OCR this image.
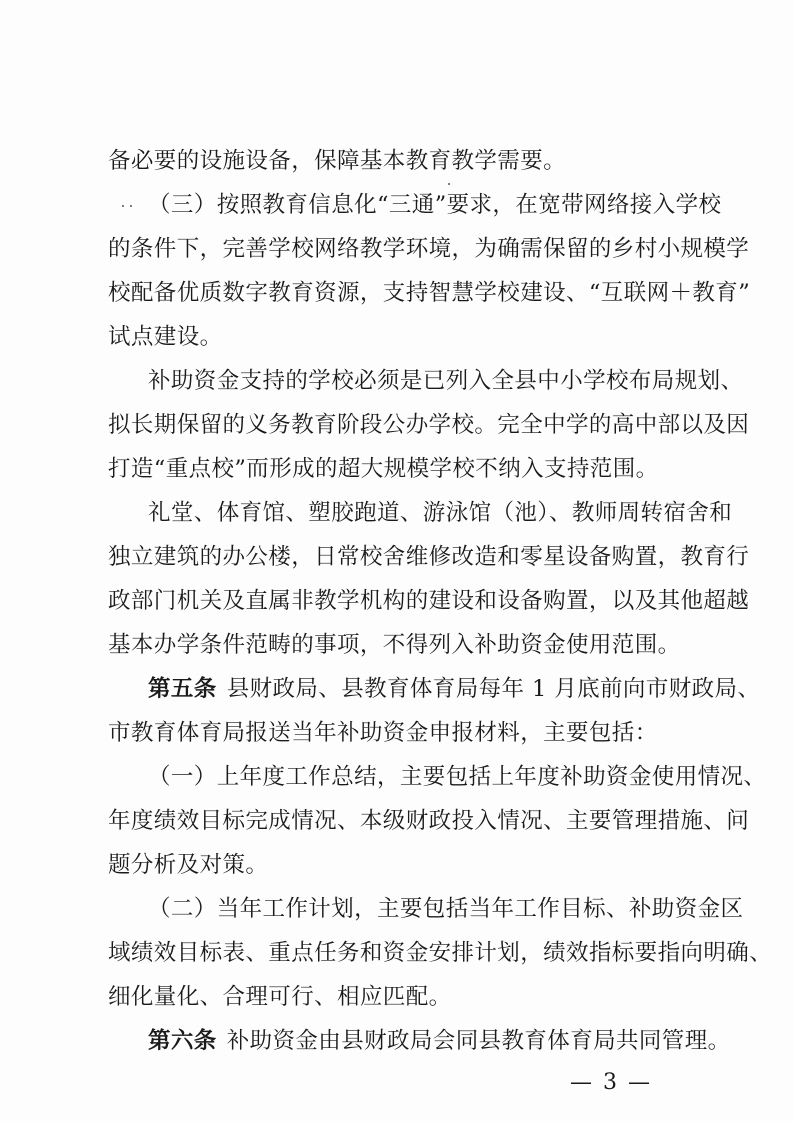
备必要的设施设备，保障基本教育教学需要。
（三）按照教育信息化“三通”要求，在宽带网络接入学校
的条件下，完善学校网络教学环境，为确需保留的乡村小规模学
校配备优质数字教育资源，支持智慧学校建设、“互联网＋教育”
试点建设。
补助资金支持的学校必须是已列入全县中小学校布局规划、
拟长期保留的义务教育阶段公办学校。完全中学的高中部以及因
打造“重点校”而形成的超大规模学校不纳入支持范围。
礼堂、体育馆、塑胶跑道、游泳馆（池）、教师周转宿舍和
独立建筑的办公楼，日常校舍维修改造和零星设备购置，教育行
政部门机关及直属非教学机构的建设和设备购置，以及其他超越
基本办学条件范畴的事项，不得列入补助资金使用范围。
第五条 县财政局、县教育体育局每年 1 月底前向市财政局、
市教育体育局报送当年补助资金申报材料，主要包括：
（一）上年度工作总结，主要包括上年度补助资金使用情况、
年度绩效目标完成情况、本级财政投入情况、主要管理措施、问
题分析及对策。
（二）当年工作计划，主要包括当年工作目标、补助资金区
域绩效目标表、重点任务和资金安排计划，绩效指标要指向明确、
细化量化、合理可行、相应匹配。
第六条 补助资金由县财政局会同县教育体育局共同管理。
— 3 —
